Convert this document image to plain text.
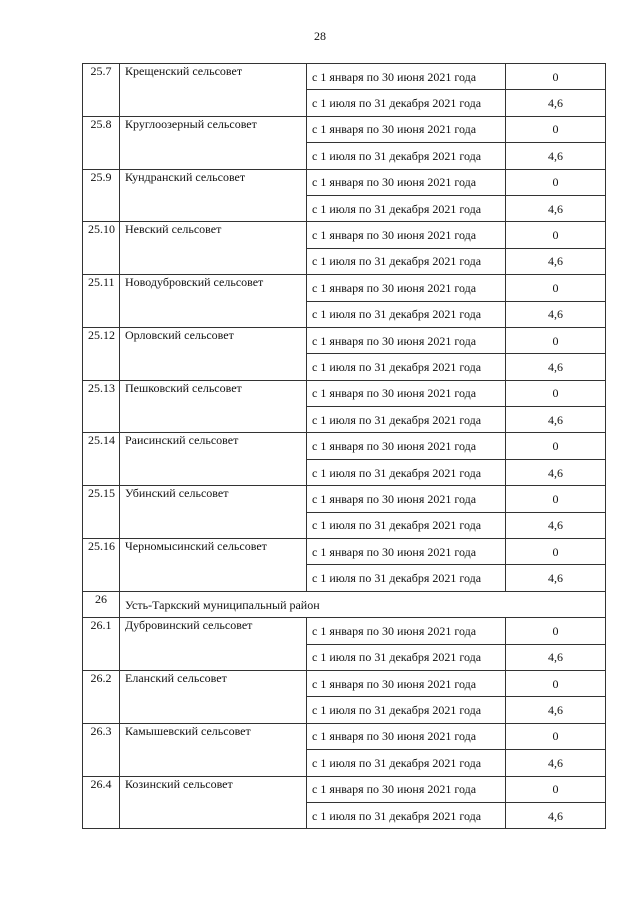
28
25.7	Крещенский сельсовет	с 1 января по 30 июня 2021 года	0
		с 1 июля по 31 декабря 2021 года	4,6
25.8	Круглоозерный сельсовет	с 1 января по 30 июня 2021 года	0
		с 1 июля по 31 декабря 2021 года	4,6
25.9	Кундранский сельсовет	с 1 января по 30 июня 2021 года	0
		с 1 июля по 31 декабря 2021 года	4,6
25.10	Невский сельсовет	с 1 января по 30 июня 2021 года	0
		с 1 июля по 31 декабря 2021 года	4,6
25.11	Новодубровский сельсовет	с 1 января по 30 июня 2021 года	0
		с 1 июля по 31 декабря 2021 года	4,6
25.12	Орловский сельсовет	с 1 января по 30 июня 2021 года	0
		с 1 июля по 31 декабря 2021 года	4,6
25.13	Пешковский сельсовет	с 1 января по 30 июня 2021 года	0
		с 1 июля по 31 декабря 2021 года	4,6
25.14	Раисинский сельсовет	с 1 января по 30 июня 2021 года	0
		с 1 июля по 31 декабря 2021 года	4,6
25.15	Убинский сельсовет	с 1 января по 30 июня 2021 года	0
		с 1 июля по 31 декабря 2021 года	4,6
25.16	Черномысинский сельсовет	с 1 января по 30 июня 2021 года	0
		с 1 июля по 31 декабря 2021 года	4,6
26	Усть-Таркский муниципальный район		
26.1	Дубровинский сельсовет	с 1 января по 30 июня 2021 года	0
		с 1 июля по 31 декабря 2021 года	4,6
26.2	Еланский сельсовет	с 1 января по 30 июня 2021 года	0
		с 1 июля по 31 декабря 2021 года	4,6
26.3	Камышевский сельсовет	с 1 января по 30 июня 2021 года	0
		с 1 июля по 31 декабря 2021 года	4,6
26.4	Козинский сельсовет	с 1 января по 30 июня 2021 года	0
		с 1 июля по 31 декабря 2021 года	4,6
